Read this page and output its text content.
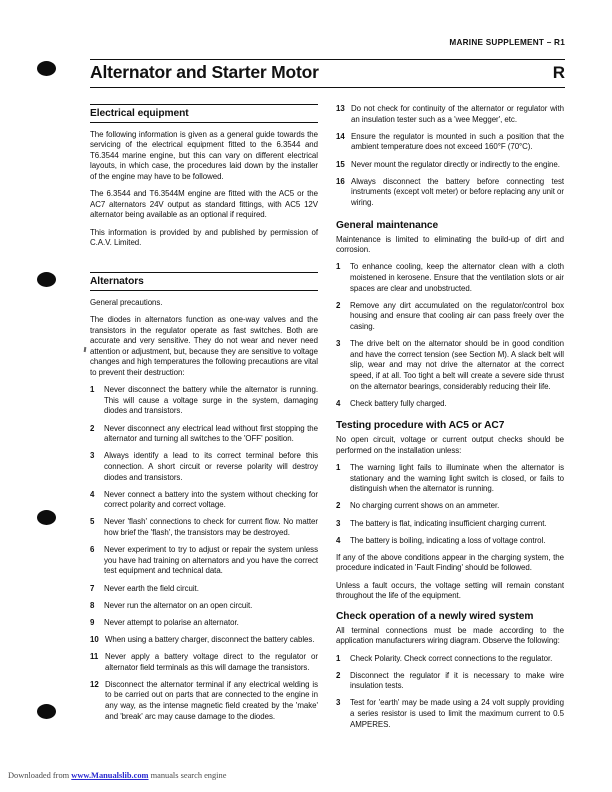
MARINE SUPPLEMENT – R1
Alternator and Starter Motor	R
Electrical equipment

The following information is given as a general guide towards the servicing of the electrical equipment fitted to the 6.3544 and T6.3544 marine engine, but this can vary on different electrical layouts, in which case, the procedures laid down by the installer of the engine may have to be followed.

The 6.3544 and T6.3544M engine are fitted with the AC5 or the AC7 alternators 24V output as standard fittings, with AC5 12V alternator being available as an optional if required.

This information is provided by and published by permission of C.A.V. Limited.

Alternators

General precautions.

The diodes in alternators function as one-way valves and the transistors in the regulator operate as fast switches. Both are accurate and very sensitive. They do not wear and never need attention or adjustment, but, because they are sensitive to voltage changes and high temperatures the following precautions are vital to prevent their destruction:

1	Never disconnect the battery while the alternator is running. This will cause a voltage surge in the system, damaging diodes and transistors.
2	Never disconnect any electrical lead without first stopping the alternator and turning all switches to the 'OFF' position.
3	Always identify a lead to its correct terminal before this connection. A short circuit or reverse polarity will destroy diodes and transistors.
4	Never connect a battery into the system without checking for correct polarity and correct voltage.
5	Never 'flash' connections to check for current flow. No matter how brief the 'flash', the transistors may be destroyed.
6	Never experiment to try to adjust or repair the system unless you have had training on alternators and you have the correct test equipment and technical data.
7	Never earth the field circuit.
8	Never run the alternator on an open circuit.
9	Never attempt to polarise an alternator.
10 When using a battery charger, disconnect the battery cables.
11 Never apply a battery voltage direct to the regulator or alternator field terminals as this will damage the transistors.
12 Disconnect the alternator terminal if any electrical welding is to be carried out on parts that are connected to the engine in any way, as the intense magnetic field created by the 'make' and 'break' arc may cause damage to the diodes.
13 Do not check for continuity of the alternator or regulator with an insulation tester such as a 'wee Megger', etc.
14 Ensure the regulator is mounted in such a position that the ambient temperature does not exceed 160°F (70°C).
15 Never mount the regulator directly or indirectly to the engine.
16 Always disconnect the battery before connecting test instruments (except volt meter) or before replacing any unit or wiring.
General maintenance

Maintenance is limited to eliminating the build-up of dirt and corrosion.

1	To enhance cooling, keep the alternator clean with a cloth moistened in kerosene. Ensure that the ventilation slots or air spaces are clear and unobstructed.
2	Remove any dirt accumulated on the regulator/control box housing and ensure that cooling air can pass freely over the casing.
3	The drive belt on the alternator should be in good condition and have the correct tension (see Section M). A slack belt will slip, wear and may not drive the alternator at the correct speed, if at all. Too tight a belt will create a severe side thrust on the alternator bearings, considerably reducing their life.
4	Check battery fully charged.
Testing procedure with AC5 or AC7

No open circuit, voltage or current output checks should be performed on the installation unless:

1	The warning light fails to illuminate when the alternator is stationary and the warning light switch is closed, or fails to distinguish when the alternator is running.
2	No charging current shows on an ammeter.
3	The battery is flat, indicating insufficient charging current.
4	The battery is boiling, indicating a loss of voltage control.

If any of the above conditions appear in the charging system, the procedure indicated in 'Fault Finding' should be followed.

Unless a fault occurs, the voltage setting will remain constant throughout the life of the equipment.

Check operation of a newly wired system

All terminal connections must be made according to the application manufacturers wiring diagram. Observe the following:

1	Check Polarity. Check correct connections to the regulator.
2	Disconnect the regulator if it is necessary to make wire insulation tests.
3	Test for 'earth' may be made using a 24 volt supply providing a series resistor is used to limit the maximum current to 0.5 AMPERES.
Downloaded from www.Manualslib.com manuals search engine
